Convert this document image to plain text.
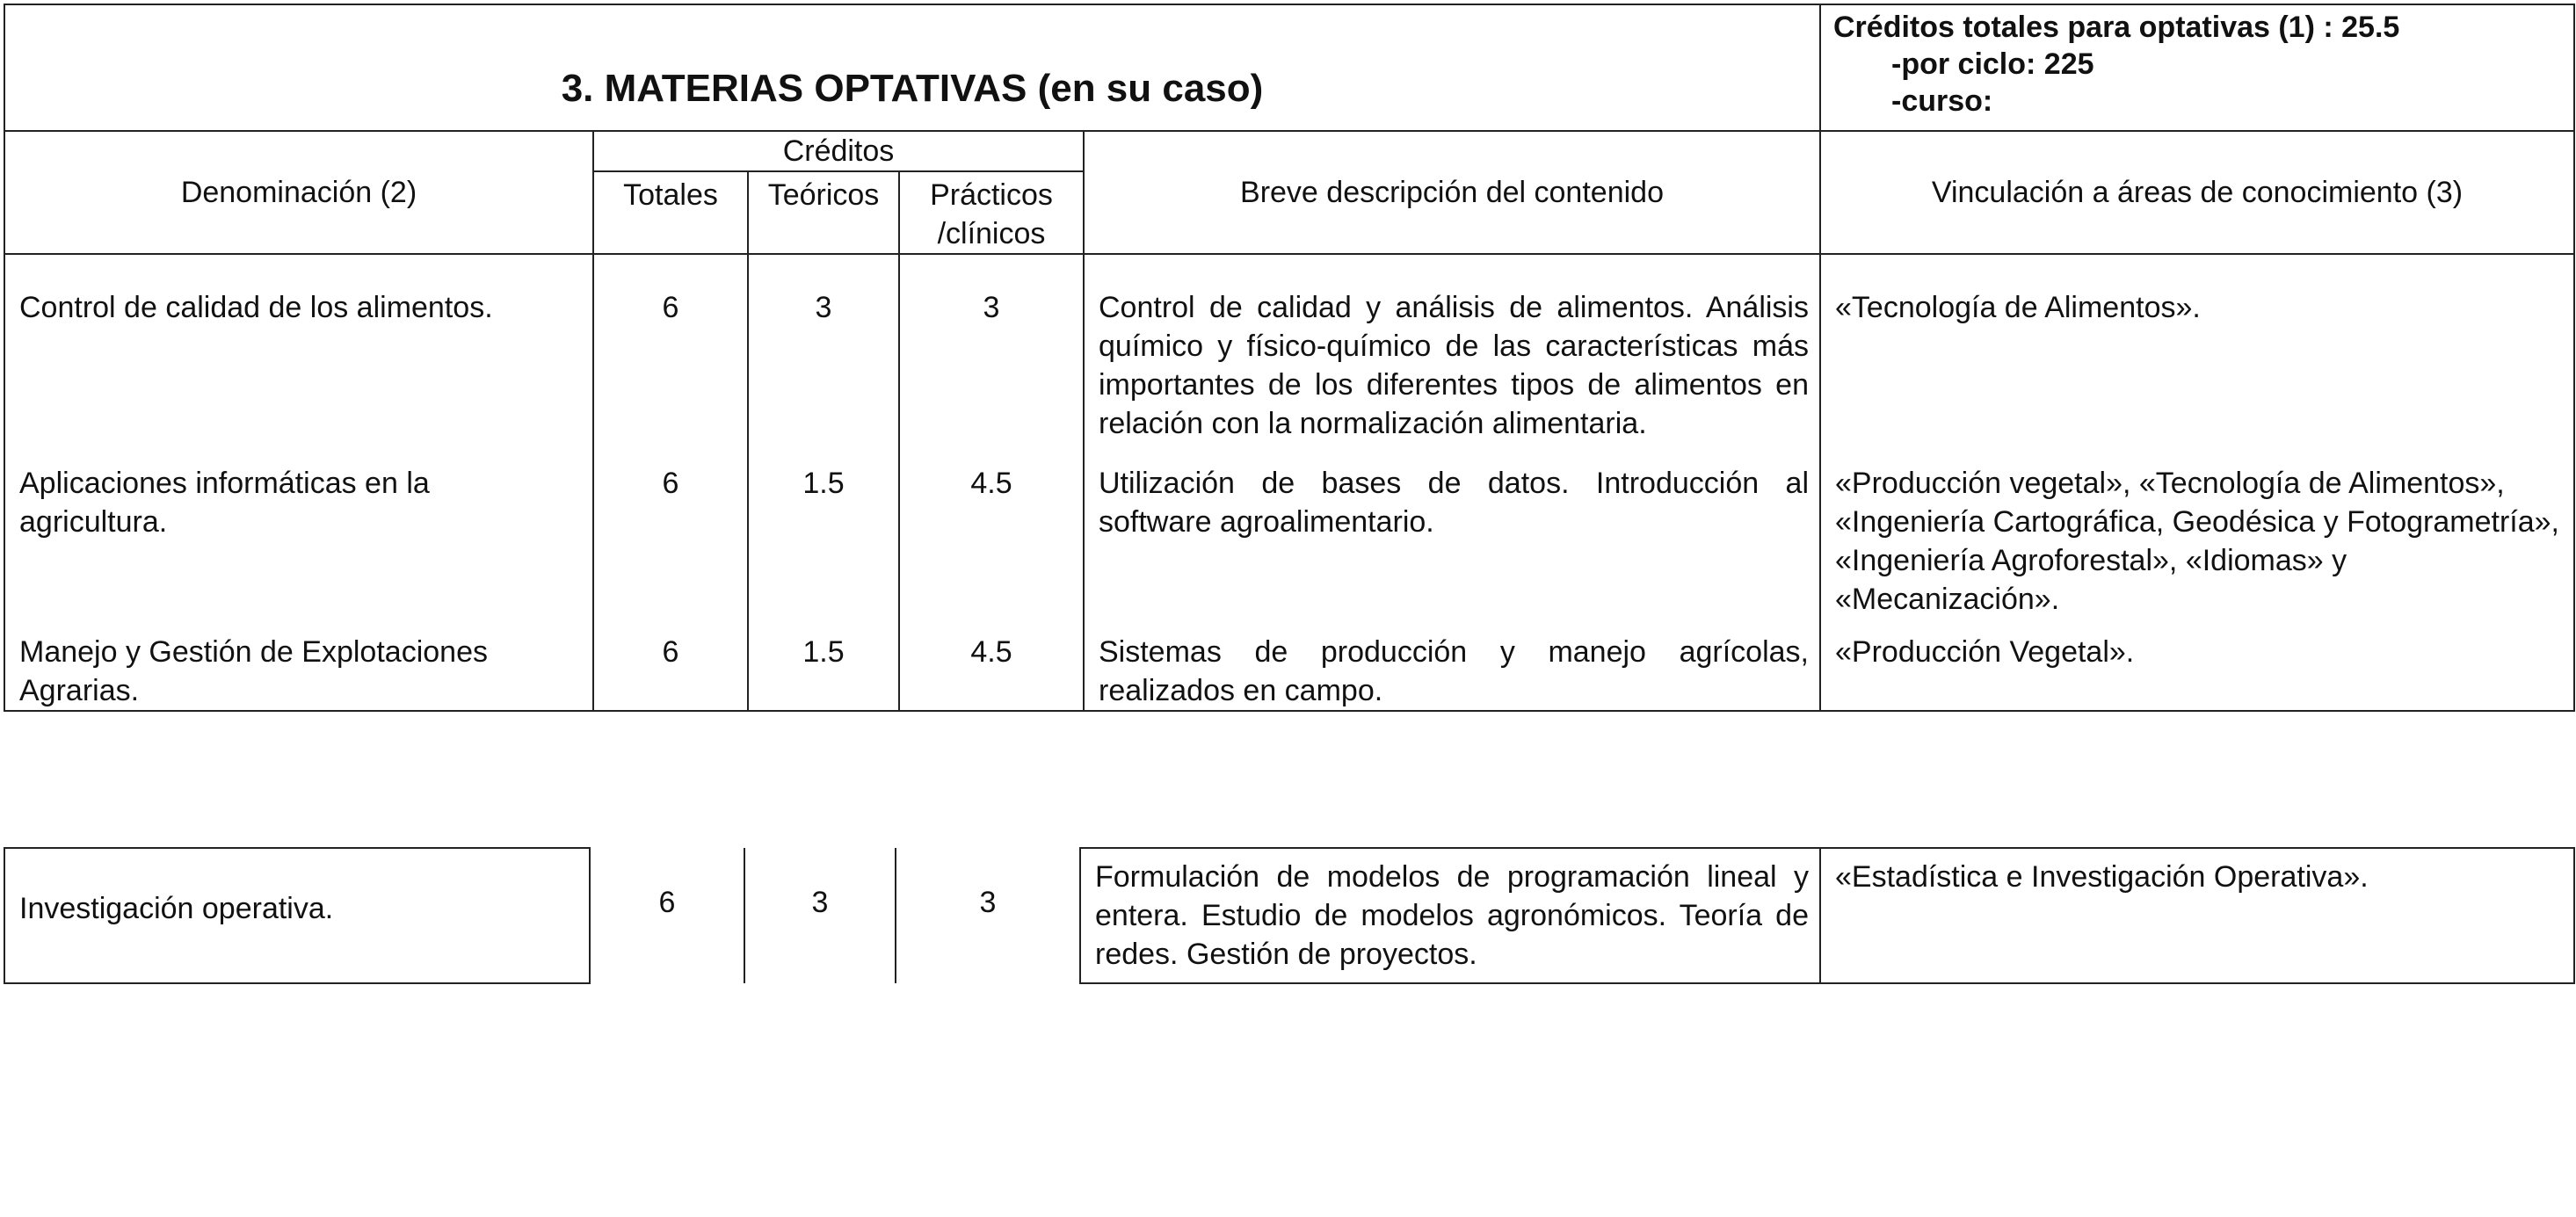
3. MATERIAS OPTATIVAS (en su caso)					Créditos totales para optativas (1) : 25.5
-por ciclo: 225
-curso:

Denominación (2)	Créditos			Breve descripción del contenido	Vinculación a áreas de conocimiento (3)
	Totales	Teóricos	Prácticos /clínicos		
Control de calidad de los alimentos.	6	3	3	Control de calidad y análisis de alimentos. Análisis químico y físico-químico de las características más importantes de los diferentes tipos de alimentos en relación con la normalización alimentaria.	«Tecnología de Alimentos».
Aplicaciones informáticas en la agricultura.	6	1.5	4.5	Utilización de bases de datos. Introducción al software agroalimentario.	«Producción vegetal», «Tecnología de Alimentos», «Ingeniería Cartográfica, Geodésica y Fotogrametría», «Ingeniería Agroforestal», «Idiomas» y «Mecanización».
Manejo y Gestión de Explotaciones Agrarias.	6	1.5	4.5	Sistemas de producción y manejo agrícolas, realizados en campo.	«Producción Vegetal».
Investigación operativa.	6	3	3	Formulación de modelos de programación lineal y entera. Estudio de modelos agronómicos. Teoría de redes. Gestión de proyectos.	«Estadística e Investigación Operativa».
